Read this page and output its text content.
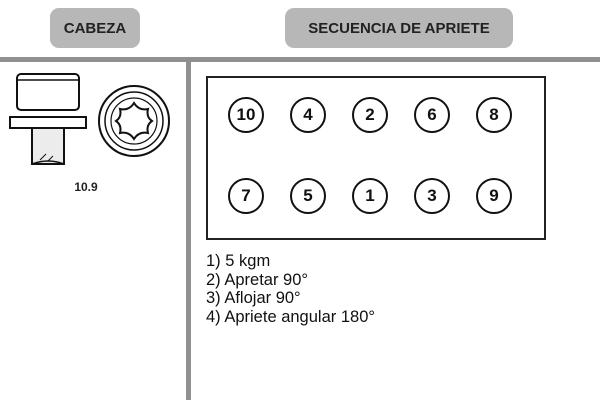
CABEZA	SECUENCIA DE APRIETE
10.9
10	4	2	6	8
7	5	1	3	9
1) 5 kgm
2) Apretar 90°
3) Aflojar 90°
4) Apriete angular 180°
